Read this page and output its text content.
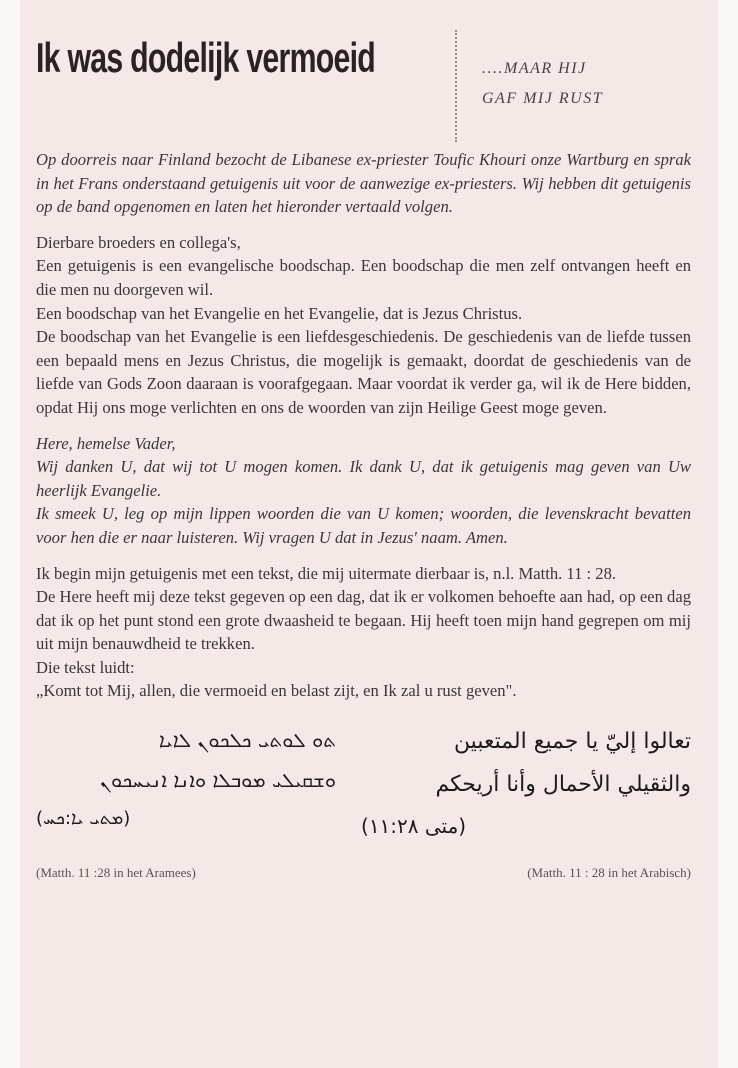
Ik was dodelijk vermoeid	....MAAR HIJ
GAF MIJ RUST

Op doorreis naar Finland bezocht de Libanese ex-priester Toufic Khouri onze Wartburg en sprak in het Frans onderstaand getuigenis uit voor de aanwezige ex-priesters. Wij hebben dit getuigenis op de band opgenomen en laten het hieronder vertaald volgen.

Dierbare broeders en collega's,

Een getuigenis is een evangelische boodschap. Een boodschap die men zelf ontvangen heeft en die men nu doorgeven wil.

Een boodschap van het Evangelie en het Evangelie, dat is Jezus Christus.

De boodschap van het Evangelie is een liefdesgeschiedenis. De geschiedenis van de liefde tussen een bepaald mens en Jezus Christus, die mogelijk is gemaakt, doordat de geschiedenis van de liefde van Gods Zoon daaraan is voorafgegaan. Maar voordat ik verder ga, wil ik de Here bidden, opdat Hij ons moge verlichten en ons de woorden van zijn Heilige Geest moge geven.

Here, hemelse Vader,

Wij danken U, dat wij tot U mogen komen. Ik dank U, dat ik getuigenis mag geven van Uw heerlijk Evangelie.

Ik smeek U, leg op mijn lippen woorden die van U komen; woorden, die levenskracht bevatten voor hen die er naar luisteren. Wij vragen U dat in Jezus' naam. Amen.

Ik begin mijn getuigenis met een tekst, die mij uitermate dierbaar is, n.l. Matth. 11 : 28.

De Here heeft mij deze tekst gegeven op een dag, dat ik er volkomen behoefte aan had, op een dag dat ik op het punt stond een grote dwaasheid te begaan. Hij heeft toen mijn hand gegrepen om mij uit mijn benauwdheid te trekken.

Die tekst luidt:

„Komt tot Mij, allen, die vermoeid en belast zijt, en Ik zal u rust geven".

ܬܘ ܠܘܬܝ ܟܠܟܘܢ ܠܐܝܐ
ܘܫܩܝܠܝ ܡܘܒܠܐ ܘܐܢܐ ܐܢܝܚܟܘܢ
(ܡܬܝ ܝܐ:ܟܚ)
تعالوا إليّ يا جميع المتعبين
والثقيلي الأحمال وأنا أريحكم
(متى ١١:٢٨)
(Matth. 11 :28 in het Aramees)	(Matth. 11 : 28 in het Arabisch)
